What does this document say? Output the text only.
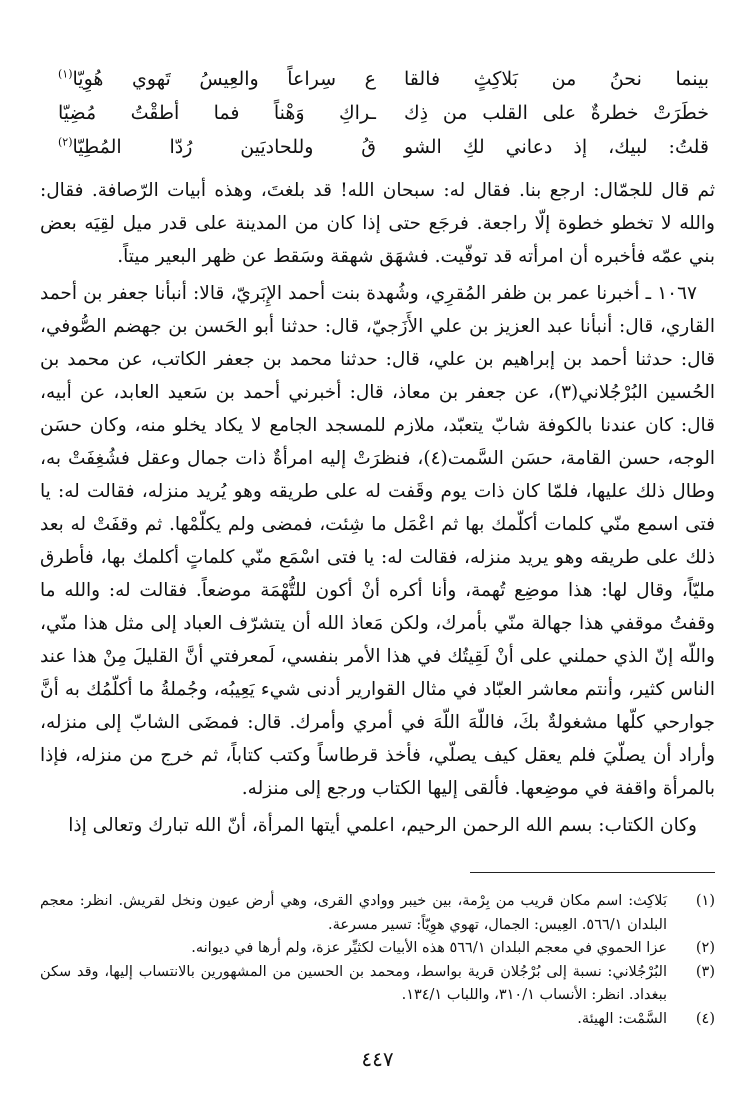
بينما نحنُ من بَلاكِثٍ فالقا
ع سِراعاً والعِيسُ تَهوي هُوِيّا$^{(١)}$
خطَرَتْ خطرةٌ على القلب من ذِك
ـراكِ وَهْناً فما أطقْتُ مُضِيّا
قلتُ: لبيك، إذ دعاني لكِ الشو
قُ وللحاديَين رُدّا المُطِيّا$^{(٢)}$

ثم قال للجمّال: ارجع بنا. فقال له: سبحان الله! قد بلغتَ، وهذه أبيات الرّصافة. فقال: والله لا تخطو خطوة إلّا راجعة. فرجَع حتى إذا كان من المدينة على قدر ميل لقِيَه بعض بني عمّه فأخبره أن امرأته قد توفّيت. فشهَق شهقة وسَقط عن ظهر البعير ميتاً.

١٠٦٧ ـ أخبرنا عمر بن ظفر المُقرِي، وشُهدة بنت أحمد الإِبَريّ، قالا: أنبأنا جعفر بن أحمد القاري، قال: أنبأنا عبد العزيز بن علي الأَزَجيّ، قال: حدثنا أبو الحَسن بن جهضم الصُّوفي، قال: حدثنا أحمد بن إبراهيم بن علي، قال: حدثنا محمد بن جعفر الكاتب، عن محمد بن الحُسين البُرْجُلاني(٣)، عن جعفر بن معاذ، قال: أخبرني أحمد بن سَعيد العابد، عن أبيه، قال: كان عندنا بالكوفة شابّ يتعبّد، ملازم للمسجد الجامع لا يكاد يخلو منه، وكان حسَن الوجه، حسن القامة، حسَن السَّمت(٤)، فنظرَتْ إليه امرأةٌ ذات جمال وعقل فشُغِفَتْ به، وطال ذلك عليها، فلمّا كان ذات يوم وقَفت له على طريقه وهو يُريد منزله، فقالت له: يا فتى اسمع منّي كلمات أكلّمك بها ثم اعْمَل ما شِئت، فمضى ولم يكلّمْها. ثم وقفَتْ له بعد ذلك على طريقه وهو يريد منزله، فقالت له: يا فتى اسْمَع منّي كلماتٍ أكلمك بها، فأطرق مليّاً، وقال لها: هذا موضِع تُهمة، وأنا أكره أنْ أكون للتُّهْمَة موضعاً. فقالت له: والله ما وقفتُ موقفي هذا جهالة منّي بأمرك، ولكن مَعاذ الله أن يتشرّف العباد إلى مثل هذا منّي، واللّه إنّ الذي حملني على أنْ لَقِيتُك في هذا الأمر بنفسي، لَمعرفتي أنَّ القليلَ مِنْ هذا عند الناس كثير، وأنتم معاشر العبّاد في مثال القوارير أدنى شيء يَعِيبُه، وجُملةُ ما أكلّمُك به أنَّ جوارحي كلّها مشغولةٌ بكَ، فاللّهَ اللّهَ في أمري وأمرك. قال: فمضَى الشابّ إلى منزله، وأراد أن يصلّيَ فلم يعقل كيف يصلّي، فأخذ قرطاساً وكتب كتاباً، ثم خرج من منزله، فإذا بالمرأة واقفة في موضِعها. فألقى إليها الكتاب ورجع إلى منزله.

وكان الكتاب: بسم الله الرحمن الرحيم، اعلمي أيتها المرأة، أنّ الله تبارك وتعالى إذا

(١)
بَلاكِث: اسم مكان قريب من بِرْمة، بين خيبر ووادي القرى، وهي أرض عيون ونخل لقريش. انظر: معجم البلدان ٥٦٦/١. العِيس: الجمال، تهوي هوِيّاً: تسير مسرعة.
(٢)
عزا الحموي في معجم البلدان ٥٦٦/١ هذه الأبيات لكثيِّر عزة، ولم أرها في ديوانه.
(٣)
البُرْجُلاني: نسبة إلى بُرْجُلان قرية بواسط، ومحمد بن الحسين من المشهورين بالانتساب إليها، وقد سكن ببغداد. انظر: الأنساب ٣١٠/١، واللباب ١٣٤/١.
(٤)
السَّمْت: الهيئة.
٤٤٧
